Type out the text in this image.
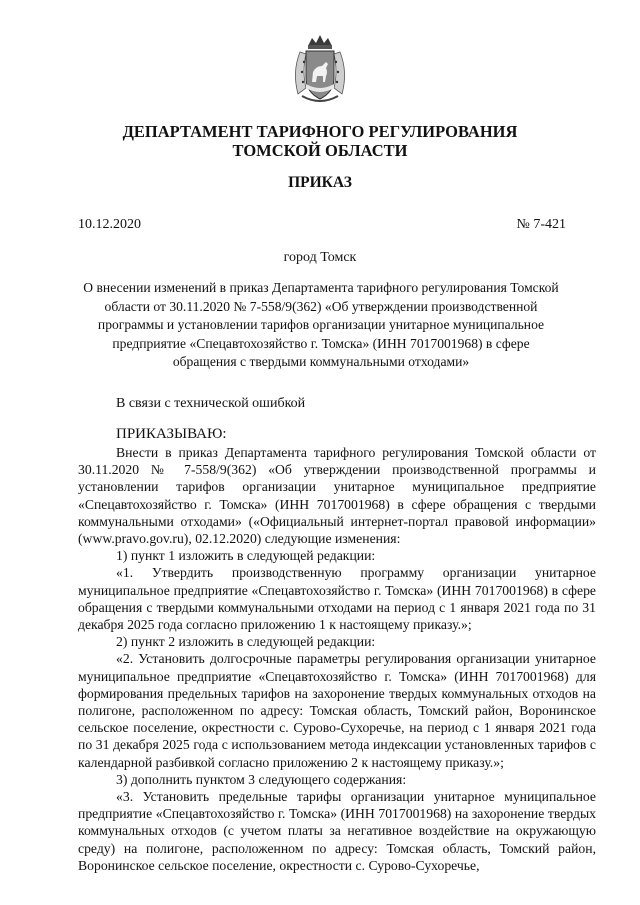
ДЕПАРТАМЕНТ ТАРИФНОГО РЕГУЛИРОВАНИЯ
ТОМСКОЙ ОБЛАСТИ
ПРИКАЗ
10.12.2020	№ 7-421
город Томск
О внесении изменений в приказ Департамента тарифного регулирования Томской области от 30.11.2020 № 7-558/9(362) «Об утверждении производственной программы и установлении тарифов организации унитарное муниципальное предприятие «Спецавтохозяйство г. Томска» (ИНН 7017001968) в сфере обращения с твердыми коммунальными отходами»
В связи с технической ошибкой
ПРИКАЗЫВАЮ:

Внести в приказ Департамента тарифного регулирования Томской области от 30.11.2020 № 7-558/9(362) «Об утверждении производственной программы и установлении тарифов организации унитарное муниципальное предприятие «Спецавтохозяйство г. Томска» (ИНН 7017001968) в сфере обращения с твердыми коммунальными отходами» («Официальный интернет-портал правовой информации» (www.pravo.gov.ru), 02.12.2020) следующие изменения:

1) пункт 1 изложить в следующей редакции:

«1. Утвердить производственную программу организации унитарное муниципальное предприятие «Спецавтохозяйство г. Томска» (ИНН 7017001968) в сфере обращения с твердыми коммунальными отходами на период с 1 января 2021 года по 31 декабря 2025 года согласно приложению 1 к настоящему приказу.»;

2) пункт 2 изложить в следующей редакции:

«2. Установить долгосрочные параметры регулирования организации унитарное муниципальное предприятие «Спецавтохозяйство г. Томска» (ИНН 7017001968) для формирования предельных тарифов на захоронение твердых коммунальных отходов на полигоне, расположенном по адресу: Томская область, Томский район, Воронинское сельское поселение, окрестности с. Сурово-Сухоречье, на период с 1 января 2021 года по 31 декабря 2025 года с использованием метода индексации установленных тарифов с календарной разбивкой согласно приложению 2 к настоящему приказу.»;

3) дополнить пунктом 3 следующего содержания:

«3. Установить предельные тарифы организации унитарное муниципальное предприятие «Спецавтохозяйство г. Томска» (ИНН 7017001968) на захоронение твердых коммунальных отходов (с учетом платы за негативное воздействие на окружающую среду) на полигоне, расположенном по адресу: Томская область, Томский район, Воронинское сельское поселение, окрестности с. Сурово-Сухоречье,
